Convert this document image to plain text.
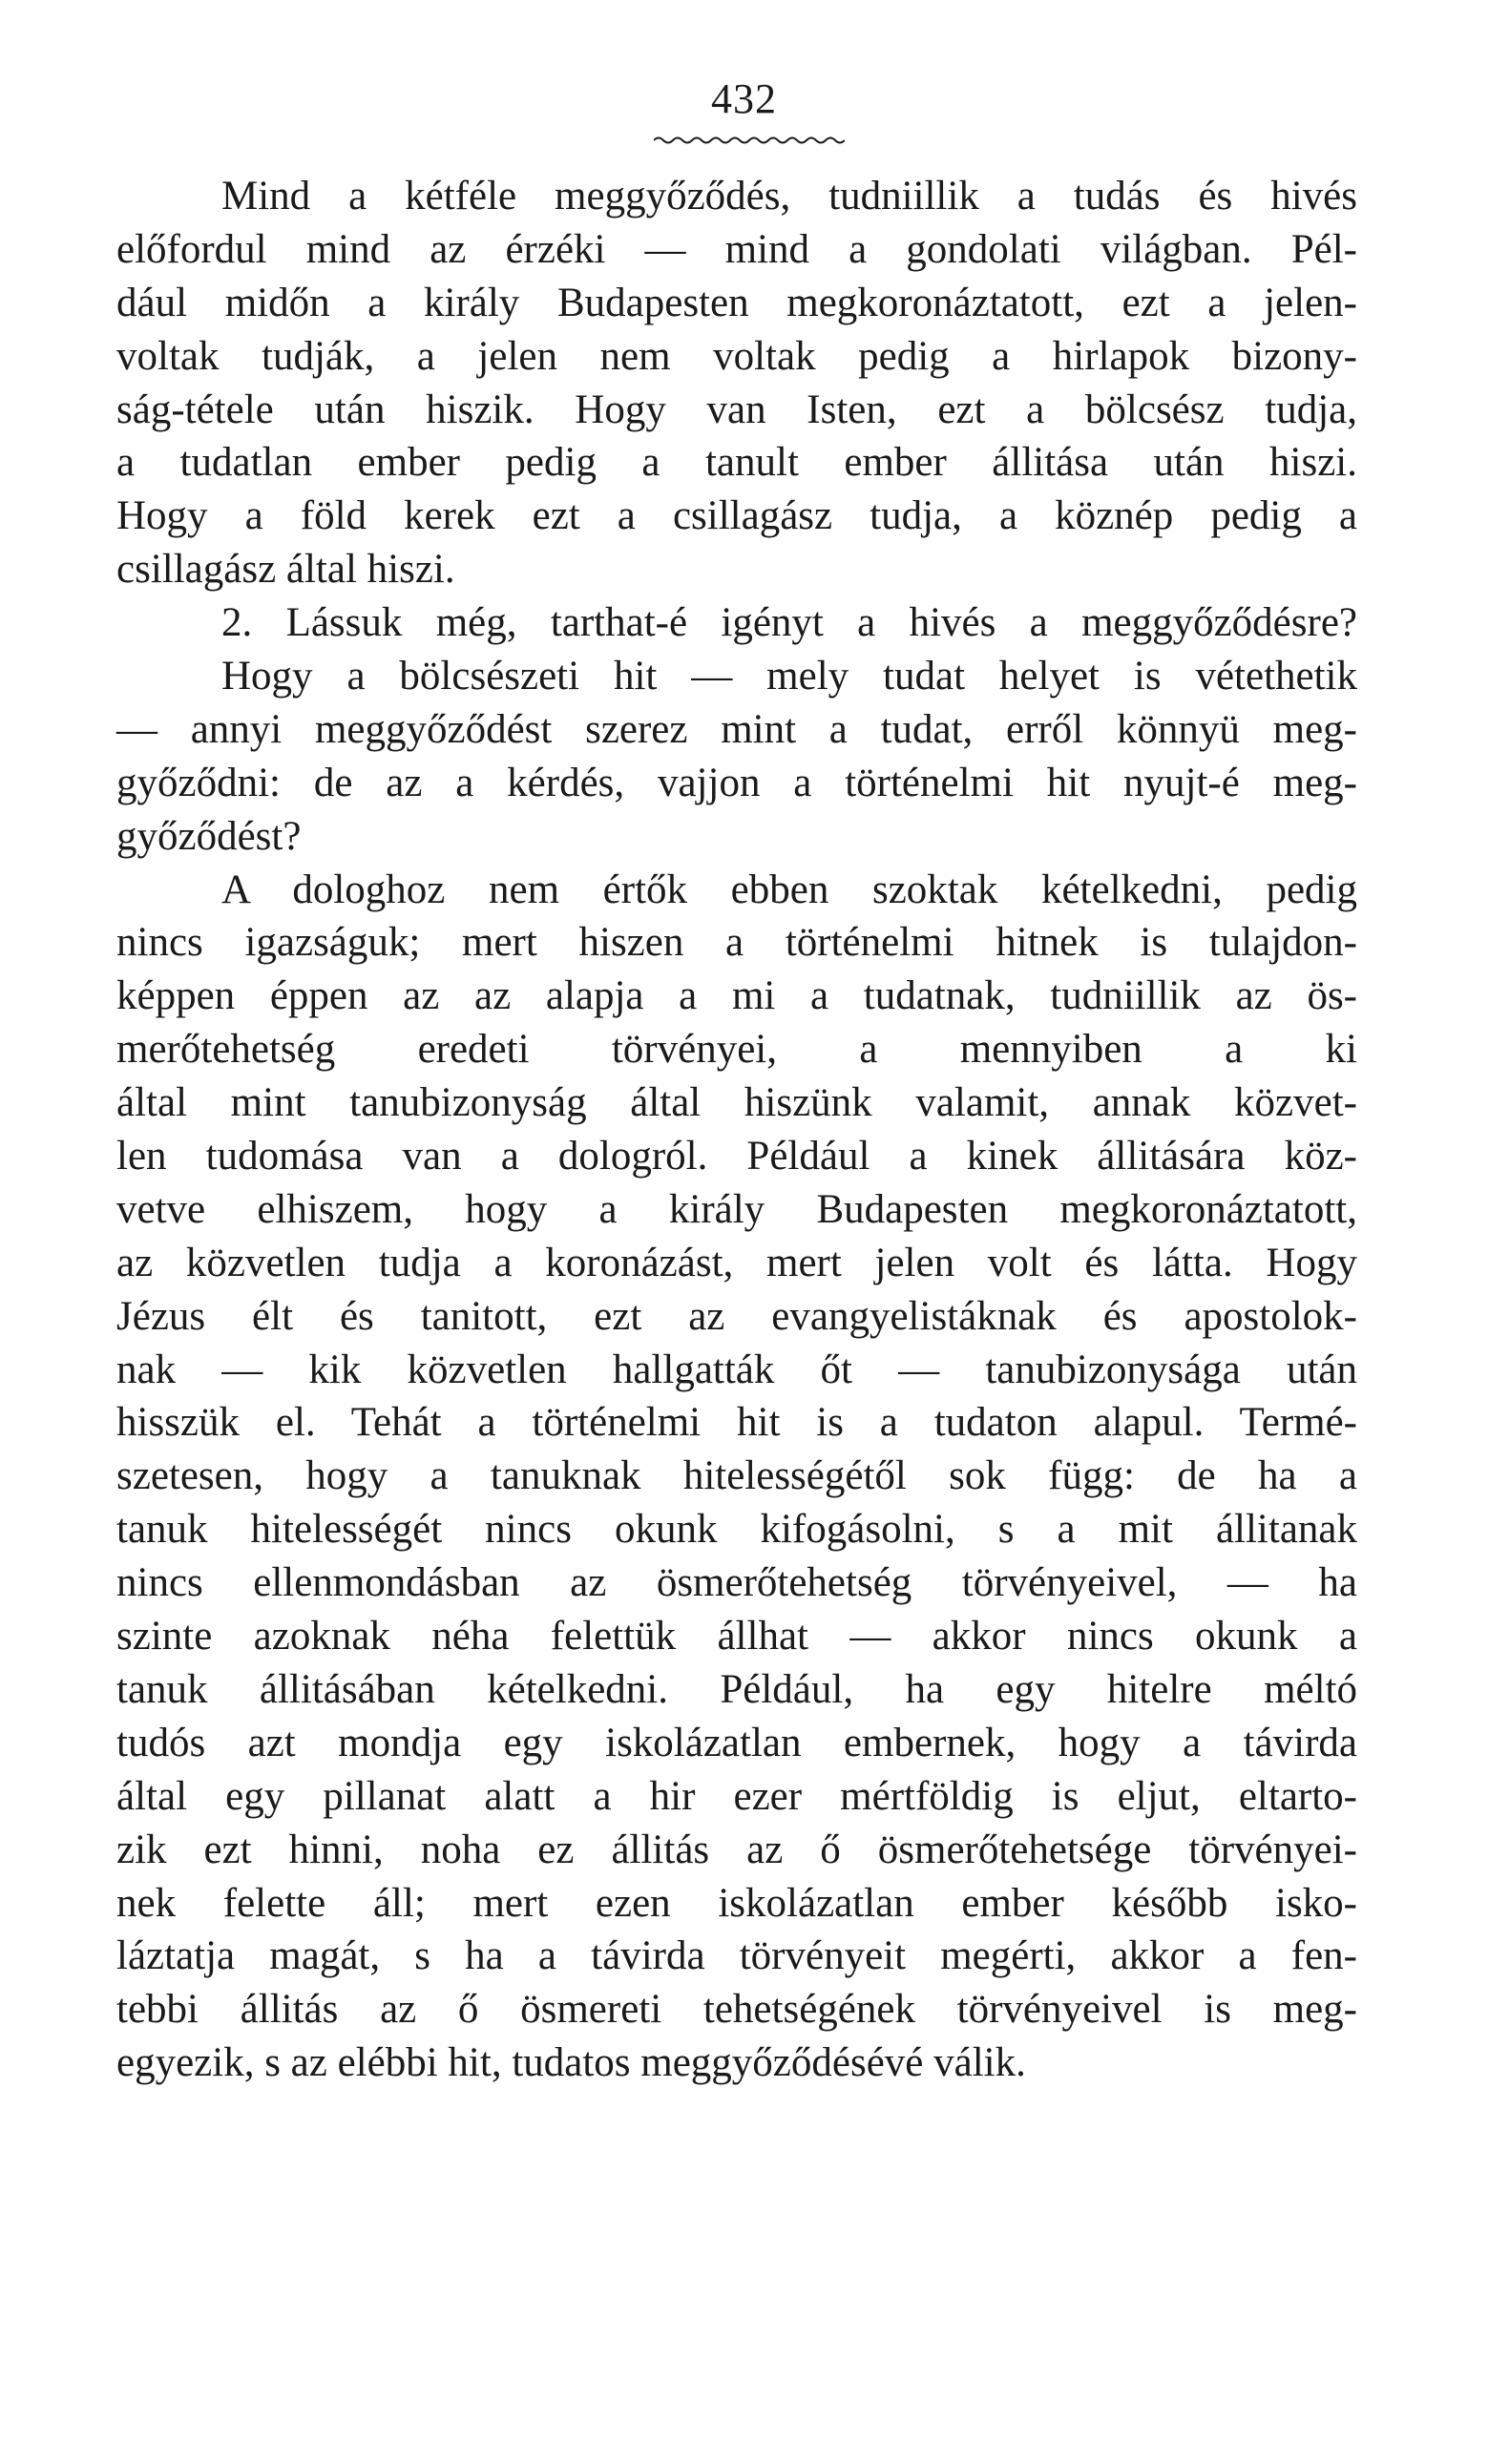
432
Mind a kétféle meggyőződés, tudniillik a tudás és hivés
előfordul mind az érzéki — mind a gondolati világban. Pél-
dául midőn a király Budapesten megkoronáztatott, ezt a jelen-
voltak tudják, a jelen nem voltak pedig a hirlapok bizony-
ság-tétele után hiszik. Hogy van Isten, ezt a bölcsész tudja,
a tudatlan ember pedig a tanult ember állitása után hiszi.
Hogy a föld kerek ezt a csillagász tudja, a köznép pedig a
csillagász által hiszi.
2. Lássuk még, tarthat-é igényt a hivés a meggyőződésre?
Hogy a bölcsészeti hit — mely tudat helyet is vétethetik
— annyi meggyőződést szerez mint a tudat, erről könnyü meg-
győződni: de az a kérdés, vajjon a történelmi hit nyujt-é meg-
győződést?
A dologhoz nem értők ebben szoktak kételkedni, pedig
nincs igazságuk; mert hiszen a történelmi hitnek is tulajdon-
képpen éppen az az alapja a mi a tudatnak, tudniillik az ös-
merőtehetség eredeti törvényei, a mennyiben a ki
által mint tanubizonyság által hiszünk valamit, annak közvet-
len tudomása van a dologról. Például a kinek állitására köz-
vetve elhiszem, hogy a király Budapesten megkoronáztatott,
az közvetlen tudja a koronázást, mert jelen volt és látta. Hogy
Jézus élt és tanitott, ezt az evangyelistáknak és apostolok-
nak — kik közvetlen hallgatták őt — tanubizonysága után
hisszük el. Tehát a történelmi hit is a tudaton alapul. Termé-
szetesen, hogy a tanuknak hitelességétől sok függ: de ha a
tanuk hitelességét nincs okunk kifogásolni, s a mit állitanak
nincs ellenmondásban az ösmerőtehetség törvényeivel, — ha
szinte azoknak néha felettük állhat — akkor nincs okunk a
tanuk állitásában kételkedni. Például, ha egy hitelre méltó
tudós azt mondja egy iskolázatlan embernek, hogy a távirda
által egy pillanat alatt a hir ezer mértföldig is eljut, eltarto-
zik ezt hinni, noha ez állitás az ő ösmerőtehetsége törvényei-
nek felette áll; mert ezen iskolázatlan ember később isko-
láztatja magát, s ha a távirda törvényeit megérti, akkor a fen-
tebbi állitás az ő ösmereti tehetségének törvényeivel is meg-
egyezik, s az elébbi hit, tudatos meggyőződésévé válik.
